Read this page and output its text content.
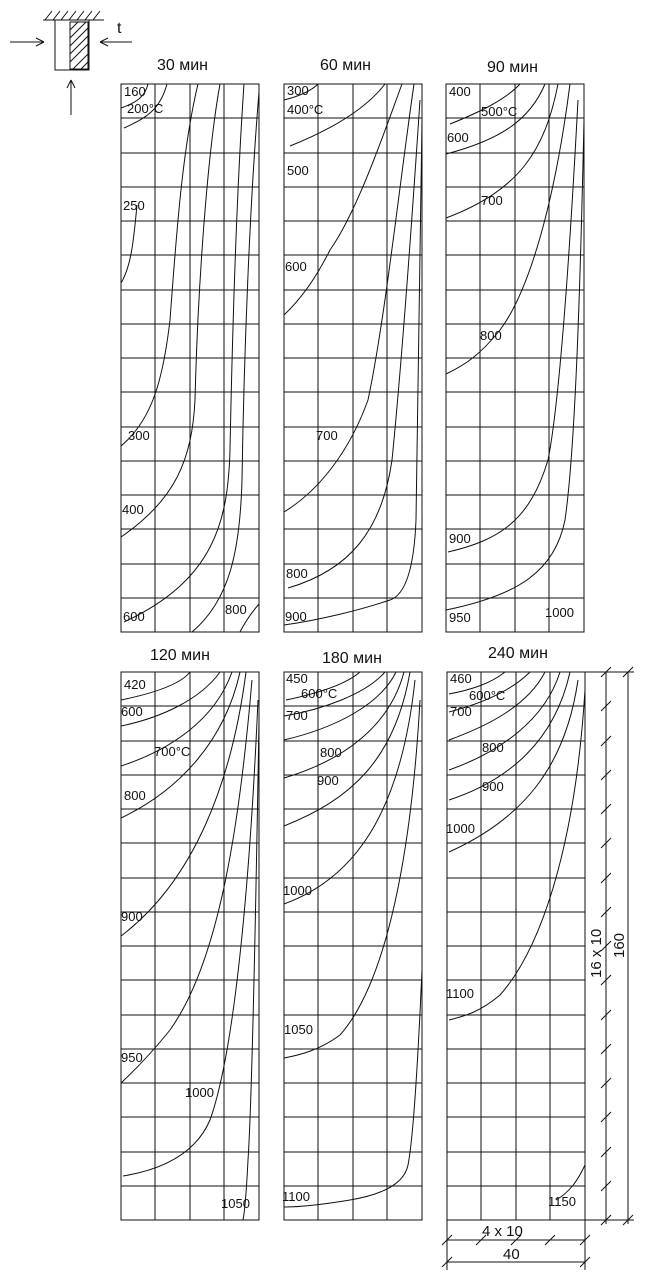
t
30 мин
160
200°C
250
300
400
600	800
60 мин
300
400°C
500
600
700
800
900
90 мин
400
500°C
600
700
800
900
950	1000
120 мин
420
600
700°C
800
900
950
1000
1050
180 мин
450
600°C
700
800
900
1000
1050
1100
240 мин
460
600°C
700
800
900
1000
1100
1150
16 x 10 160
4 x 10
40
